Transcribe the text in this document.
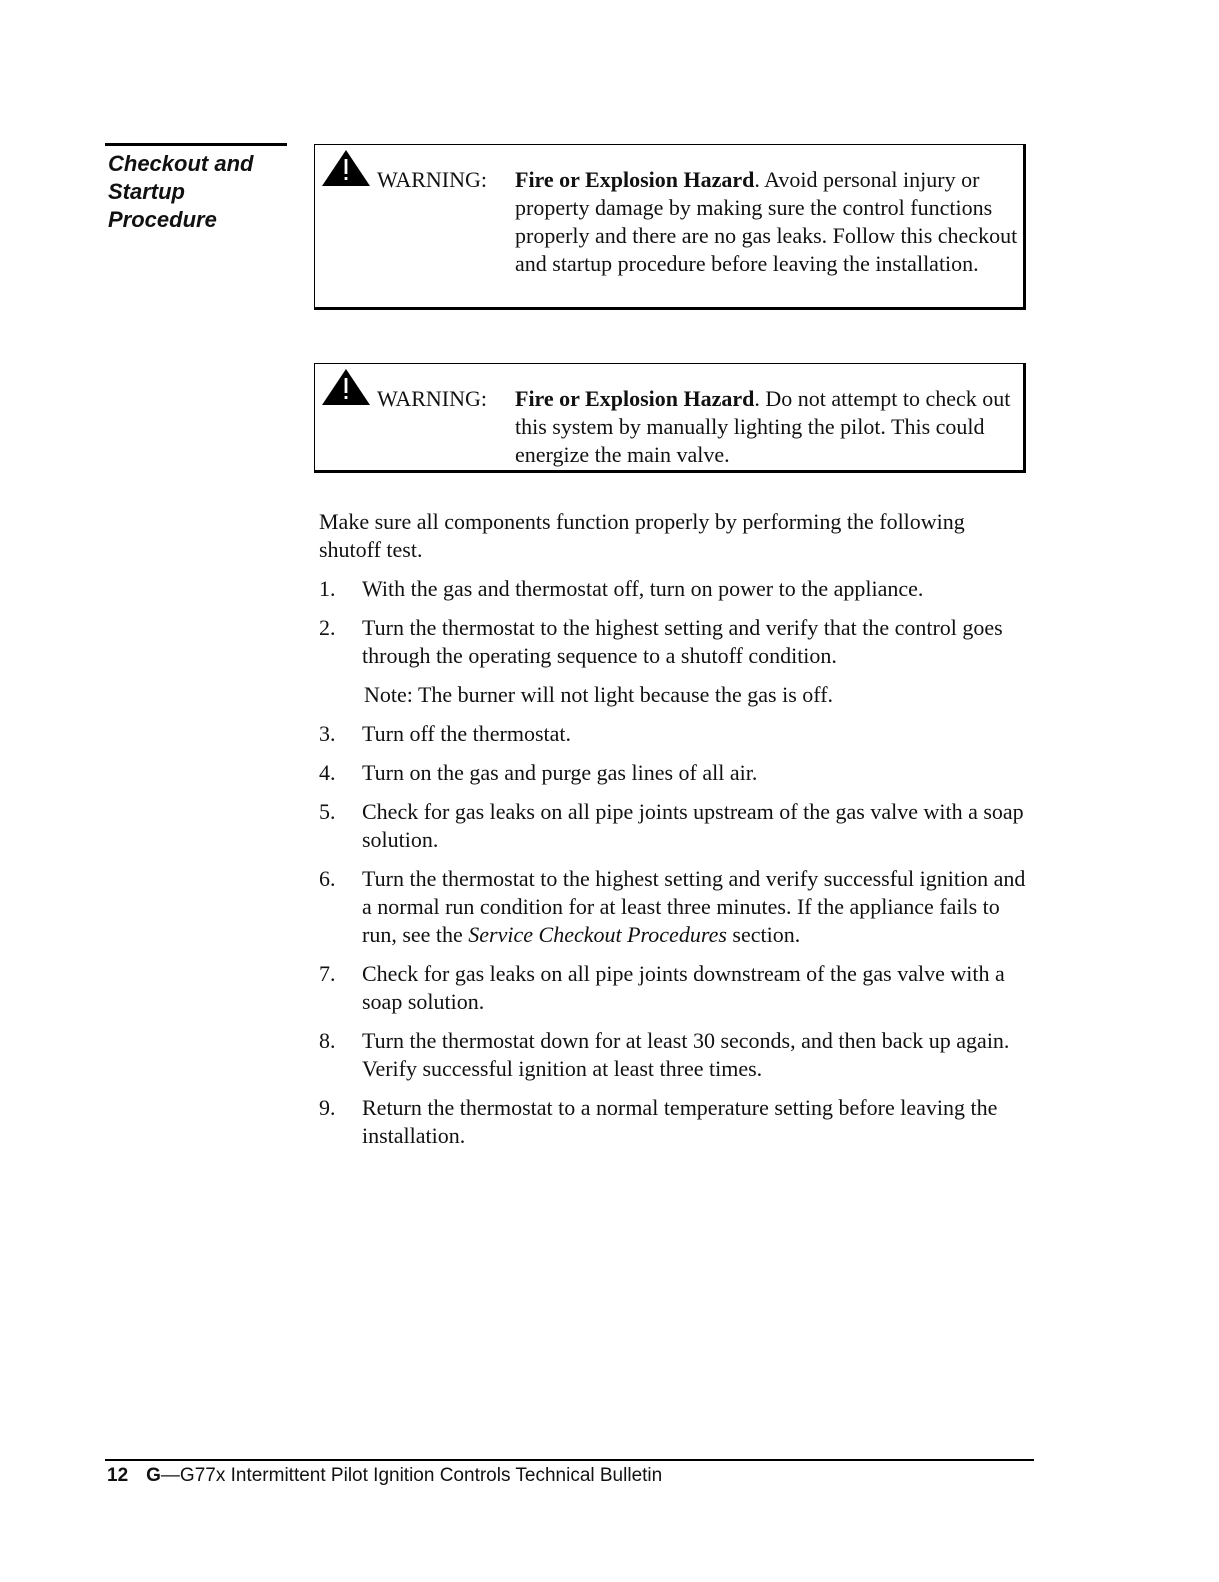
Checkout and
Startup
Procedure
WARNING: Fire or Explosion Hazard. Avoid personal injury or property damage by making sure the control functions properly and there are no gas leaks. Follow this checkout and startup procedure before leaving the installation.
WARNING: Fire or Explosion Hazard. Do not attempt to check out this system by manually lighting the pilot. This could energize the main valve.

Make sure all components function properly by performing the following shutoff test.

1.	With the gas and thermostat off, turn on power to the appliance.
2.	Turn the thermostat to the highest setting and verify that the control goes through the operating sequence to a shutoff condition.
Note: The burner will not light because the gas is off.
3.	Turn off the thermostat.
4.	Turn on the gas and purge gas lines of all air.
5.	Check for gas leaks on all pipe joints upstream of the gas valve with a soap solution.
6.	Turn the thermostat to the highest setting and verify successful ignition and a normal run condition for at least three minutes. If the appliance fails to run, see the Service Checkout Procedures section.
7.	Check for gas leaks on all pipe joints downstream of the gas valve with a soap solution.
8.	Turn the thermostat down for at least 30 seconds, and then back up again. Verify successful ignition at least three times.
9.	Return the thermostat to a normal temperature setting before leaving the installation.
12 G—G77x Intermittent Pilot Ignition Controls Technical Bulletin
